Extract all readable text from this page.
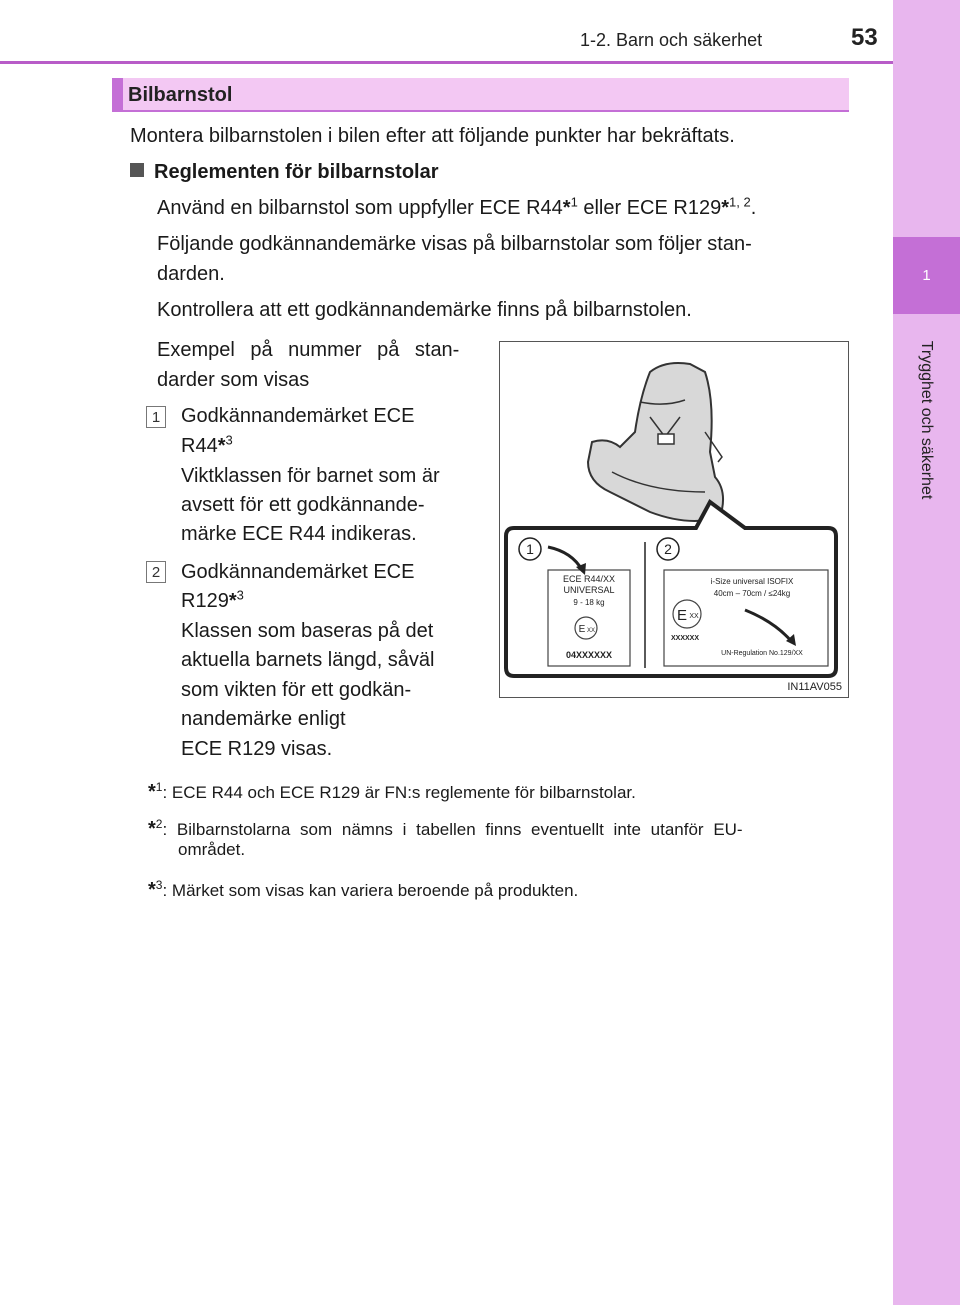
1
Trygghet och säkerhet
1-2. Barn och säkerhet	53
Bilbarnstol
Montera bilbarnstolen i bilen efter att följande punkter har bekräftats.
Reglementen för bilbarnstolar
Använd en bilbarnstol som uppfyller ECE R44*$^1$ eller ECE R129*$^{1, 2}$.
Följande godkännandemärke visas på bilbarnstolar som följer stan-
darden.
Kontrollera att ett godkännandemärke finns på bilbarnstolen.
Exempel på nummer på stan-
darder som visas
1 Godkännandemärket ECE
R44*$^3$
Viktklassen för barnet som är
avsett för ett godkännande-
märke ECE R44 indikeras.
2 Godkännandemärket ECE
R129*$^3$
Klassen som baseras på det
aktuella barnets längd, såväl
som vikten för ett godkän-
nandemärke enligt
ECE R129 visas.
1	2
ECE R44/XX
UNIVERSAL
9 - 18 kg
E XX
04XXXXXX
i-Size universal ISOFIX
40cm – 70cm / ≤24kg
E XX
XXXXXX
UN-Regulation No.129/XX
IN11AV055
*$^1$: ECE R44 och ECE R129 är FN:s reglemente för bilbarnstolar.
*$^2$: Bilbarnstolarna som nämns i tabellen finns eventuellt inte utanför EU-
området.
*$^3$: Märket som visas kan variera beroende på produkten.
